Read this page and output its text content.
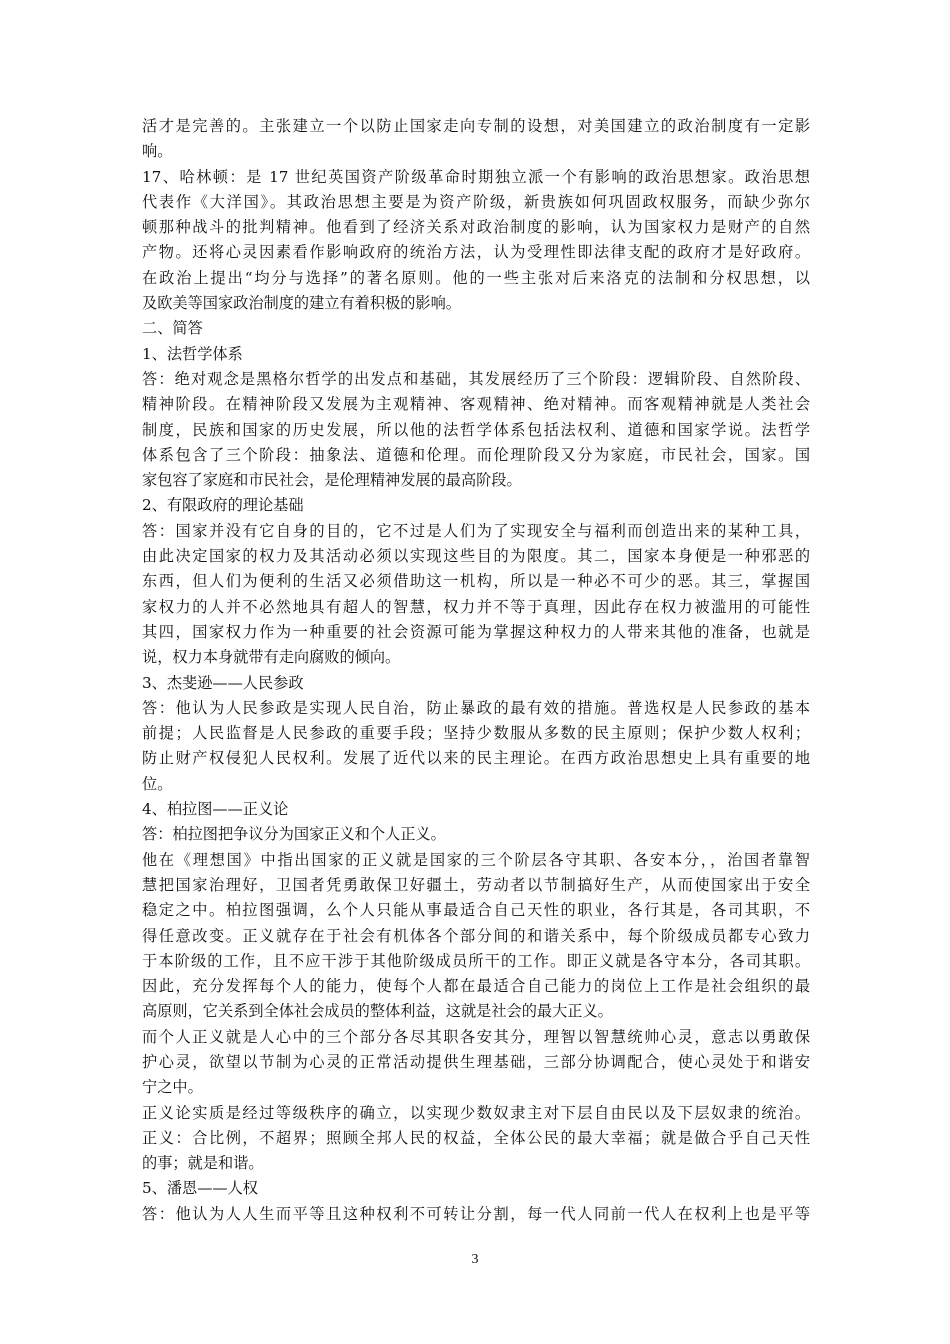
活才是完善的。主张建立一个以防止国家走向专制的设想，对美国建立的政治制度有一定影
响。
17、哈林顿：是 17 世纪英国资产阶级革命时期独立派一个有影响的政治思想家。政治思想
代表作《大洋国》。其政治思想主要是为资产阶级，新贵族如何巩固政权服务，而缺少弥尔
顿那种战斗的批判精神。他看到了经济关系对政治制度的影响，认为国家权力是财产的自然
产物。还将心灵因素看作影响政府的统治方法，认为受理性即法律支配的政府才是好政府。
在政治上提出“均分与选择”的著名原则。他的一些主张对后来洛克的法制和分权思想，以
及欧美等国家政治制度的建立有着积极的影响。
二、简答
1、法哲学体系
答：绝对观念是黑格尔哲学的出发点和基础，其发展经历了三个阶段：逻辑阶段、自然阶段、
精神阶段。在精神阶段又发展为主观精神、客观精神、绝对精神。而客观精神就是人类社会
制度，民族和国家的历史发展，所以他的法哲学体系包括法权利、道德和国家学说。法哲学
体系包含了三个阶段：抽象法、道德和伦理。而伦理阶段又分为家庭，市民社会，国家。国
家包容了家庭和市民社会，是伦理精神发展的最高阶段。
2、有限政府的理论基础
答：国家并没有它自身的目的，它不过是人们为了实现安全与福利而创造出来的某种工具，
由此决定国家的权力及其活动必须以实现这些目的为限度。其二，国家本身便是一种邪恶的
东西，但人们为便利的生活又必须借助这一机构，所以是一种必不可少的恶。其三，掌握国
家权力的人并不必然地具有超人的智慧，权力并不等于真理，因此存在权力被滥用的可能性
其四，国家权力作为一种重要的社会资源可能为掌握这种权力的人带来其他的准备，也就是
说，权力本身就带有走向腐败的倾向。
3、杰斐逊——人民参政
答：他认为人民参政是实现人民自治，防止暴政的最有效的措施。普选权是人民参政的基本
前提；人民监督是人民参政的重要手段；坚持少数服从多数的民主原则；保护少数人权利；
防止财产权侵犯人民权利。发展了近代以来的民主理论。在西方政治思想史上具有重要的地
位。
4、柏拉图——正义论
答：柏拉图把争议分为国家正义和个人正义。
他在《理想国》中指出国家的正义就是国家的三个阶层各守其职、各安本分，，治国者靠智
慧把国家治理好，卫国者凭勇敢保卫好疆土，劳动者以节制搞好生产，从而使国家出于安全
稳定之中。柏拉图强调，么个人只能从事最适合自己天性的职业，各行其是，各司其职，不
得任意改变。正义就存在于社会有机体各个部分间的和谐关系中，每个阶级成员都专心致力
于本阶级的工作，且不应干涉于其他阶级成员所干的工作。即正义就是各守本分，各司其职。
因此，充分发挥每个人的能力，使每个人都在最适合自己能力的岗位上工作是社会组织的最
高原则，它关系到全体社会成员的整体利益，这就是社会的最大正义。
而个人正义就是人心中的三个部分各尽其职各安其分，理智以智慧统帅心灵，意志以勇敢保
护心灵，欲望以节制为心灵的正常活动提供生理基础，三部分协调配合，使心灵处于和谐安
宁之中。
正义论实质是经过等级秩序的确立，以实现少数奴隶主对下层自由民以及下层奴隶的统治。
正义：合比例，不超界；照顾全邦人民的权益，全体公民的最大幸福；就是做合乎自己天性
的事；就是和谐。
5、潘恩——人权
答：他认为人人生而平等且这种权利不可转让分割，每一代人同前一代人在权利上也是平等
3
